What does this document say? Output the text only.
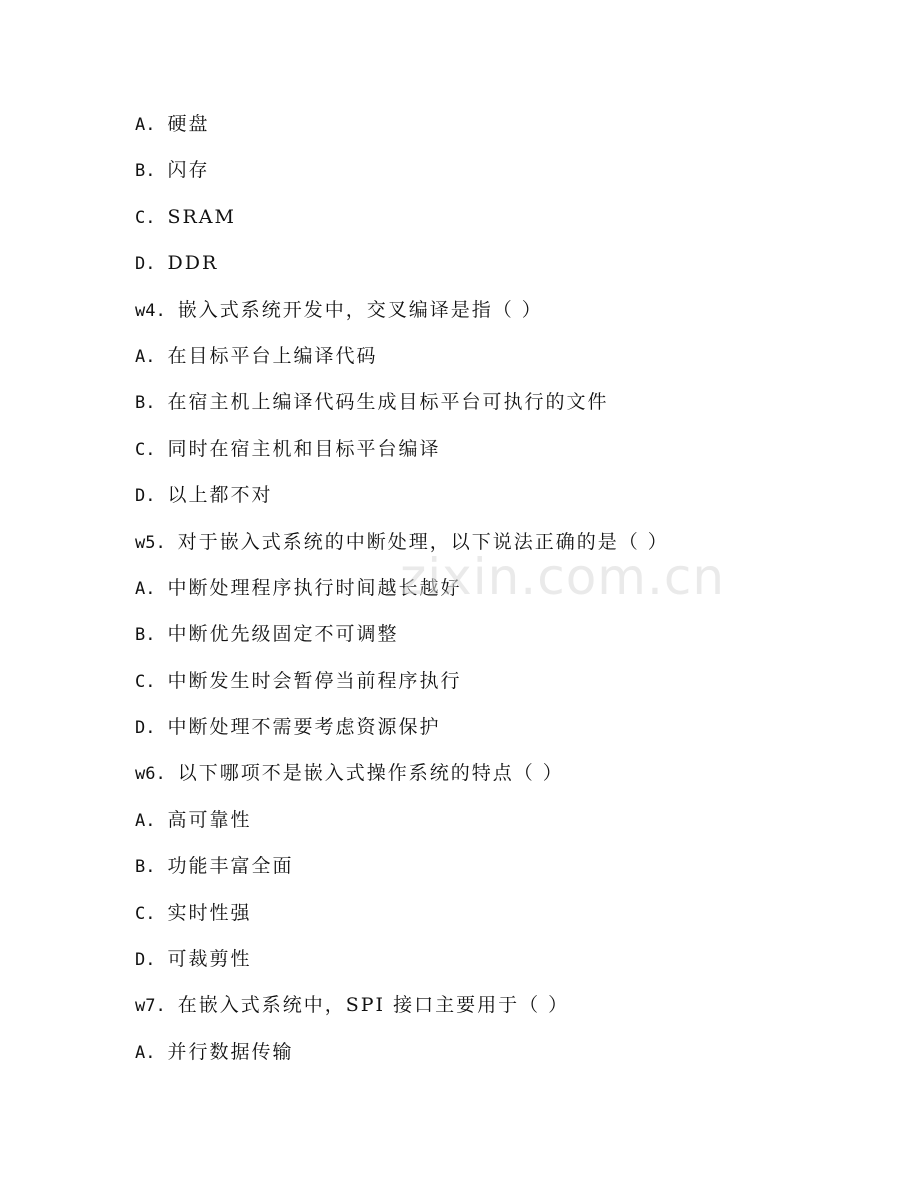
A. 硬盘
B. 闪存
C. SRAM
D. DDR
w4. 嵌入式系统开发中，交叉编译是指（ ）
A. 在目标平台上编译代码
B. 在宿主机上编译代码生成目标平台可执行的文件
C. 同时在宿主机和目标平台编译
D. 以上都不对
w5. 对于嵌入式系统的中断处理，以下说法正确的是（ ）
A. 中断处理程序执行时间越长越好
B. 中断优先级固定不可调整
C. 中断发生时会暂停当前程序执行
D. 中断处理不需要考虑资源保护
w6. 以下哪项不是嵌入式操作系统的特点（ ）
A. 高可靠性
B. 功能丰富全面
C. 实时性强
D. 可裁剪性
w7. 在嵌入式系统中，SPI 接口主要用于（ ）
A. 并行数据传输
zixin.com.cn
